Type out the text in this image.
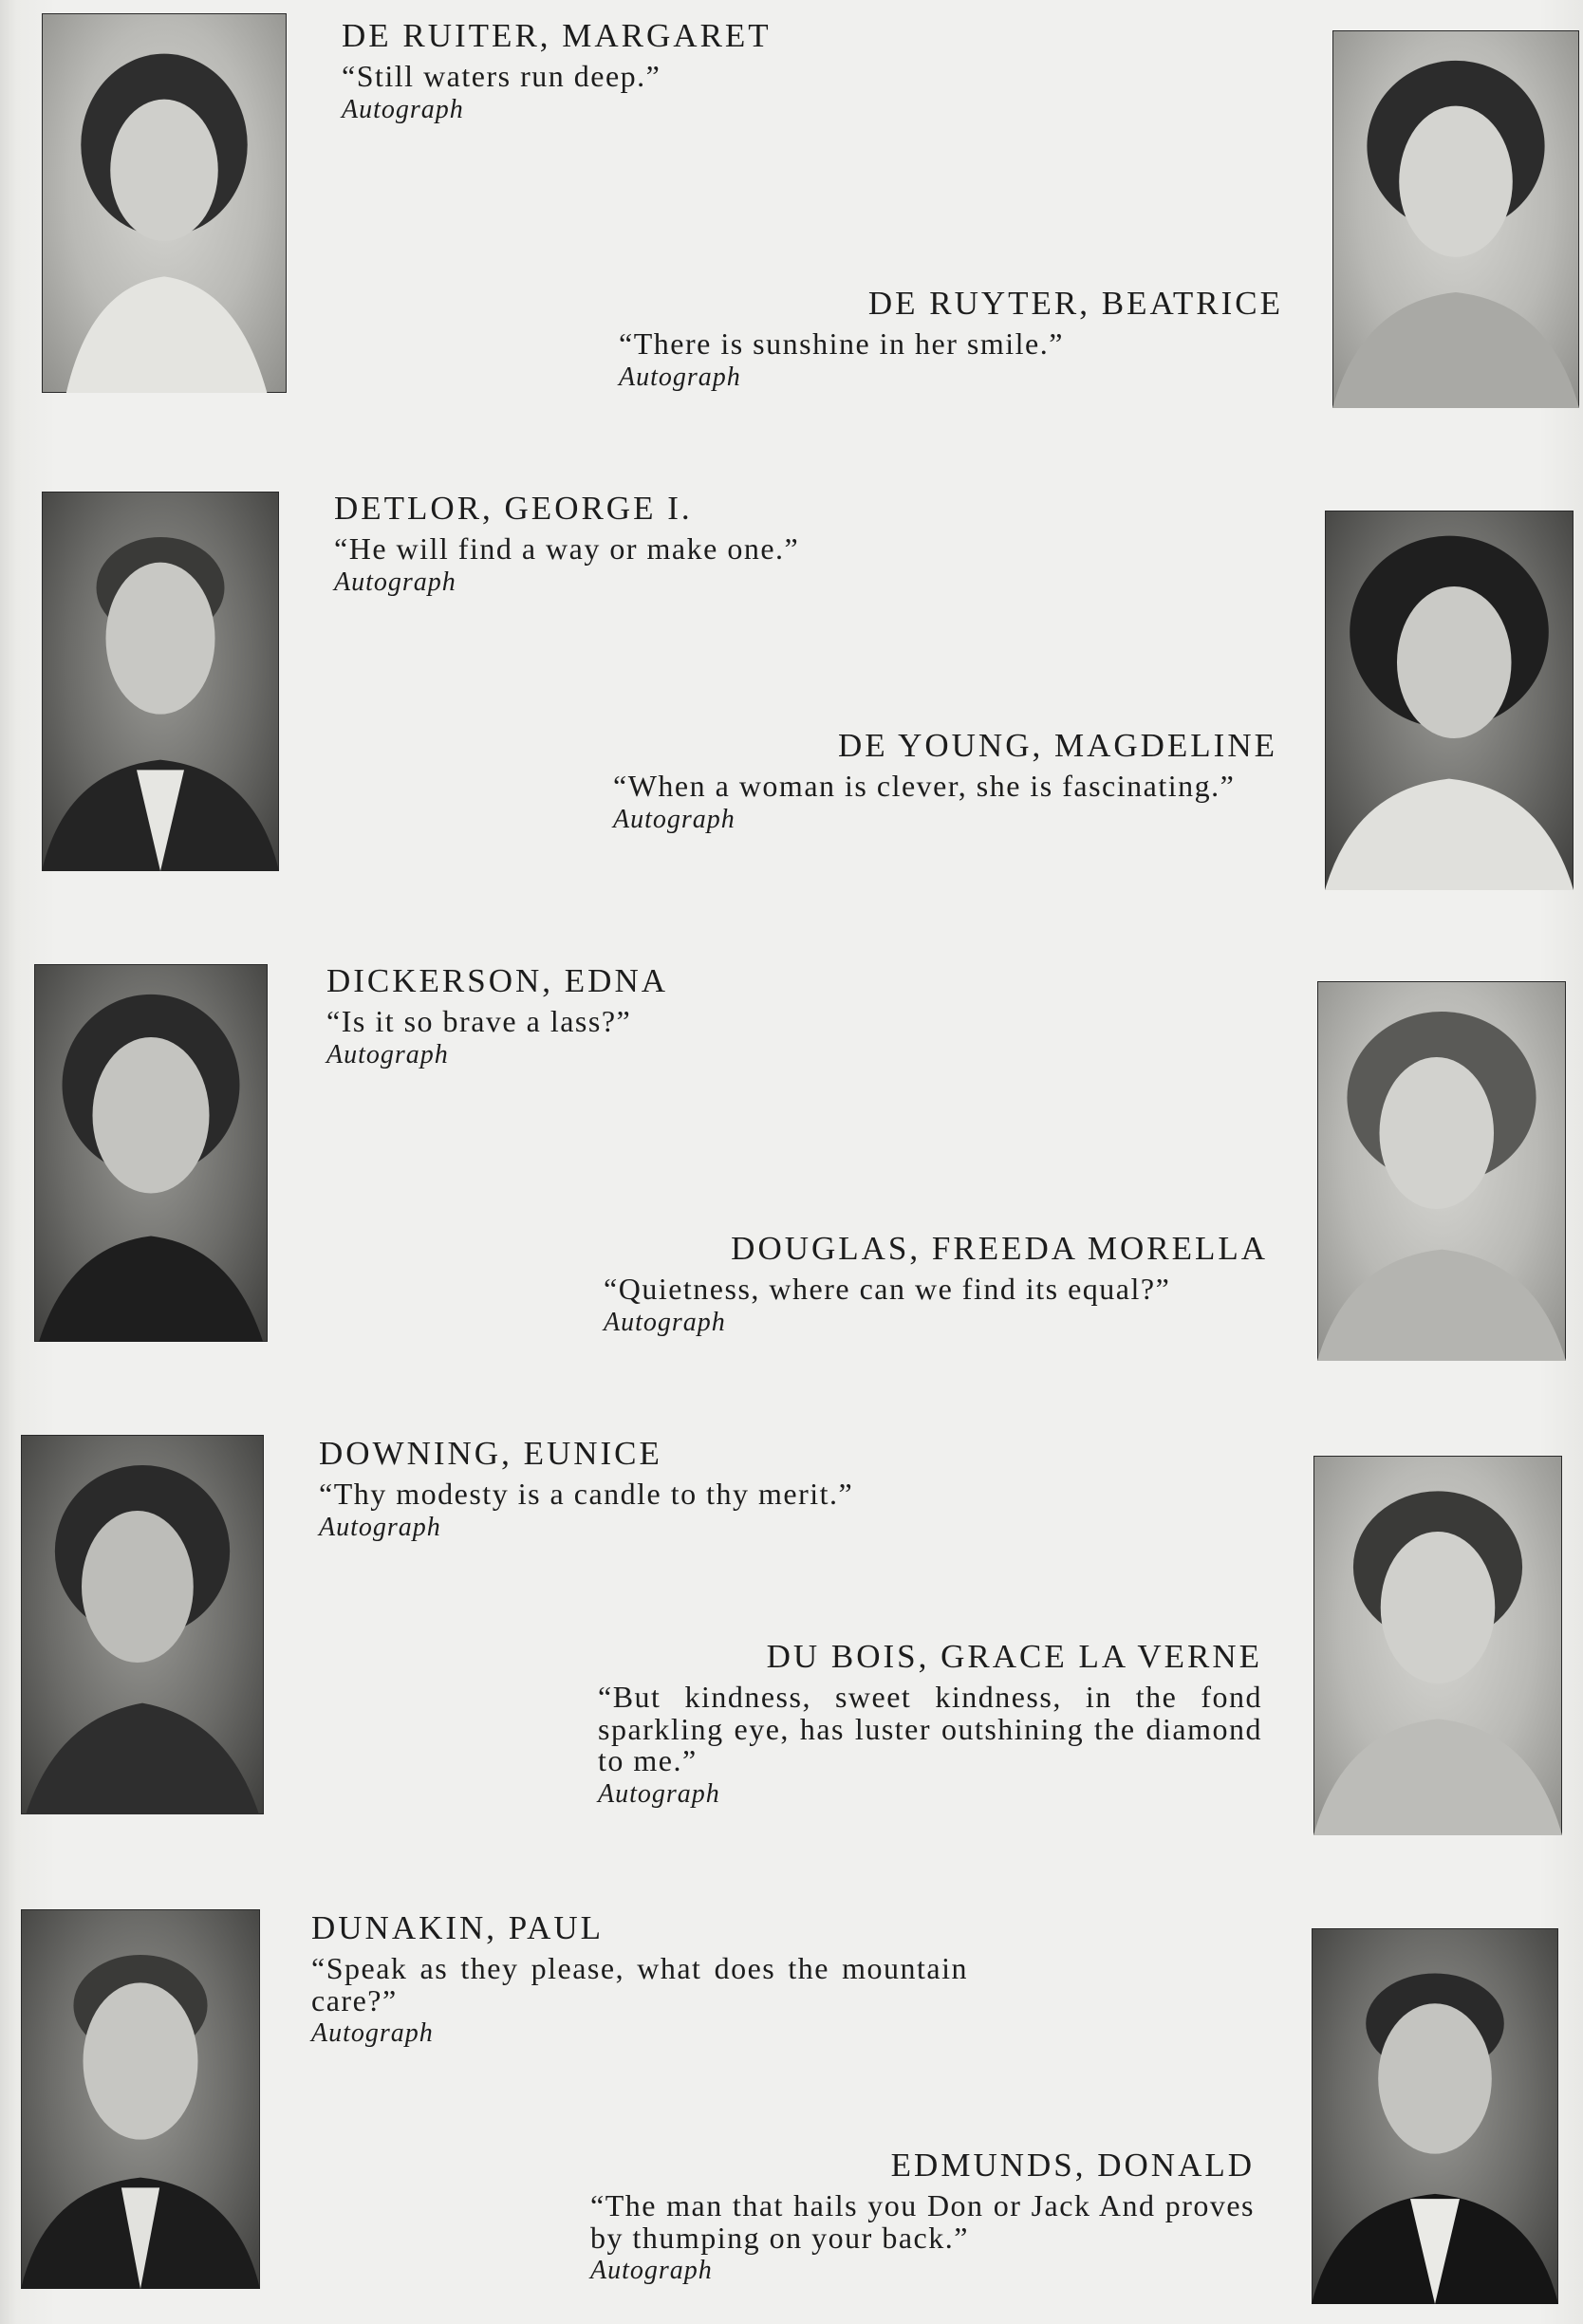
DE RUITER, MARGARET
“Still waters run deep.”
Autograph
DE RUYTER, BEATRICE
“There is sunshine in her smile.”
Autograph
DETLOR, GEORGE I.
“He will find a way or make one.”
Autograph
DE YOUNG, MAGDELINE
“When a woman is clever, she is fascinating.”
Autograph
DICKERSON, EDNA
“Is it so brave a lass?”
Autograph
DOUGLAS, FREEDA MORELLA
“Quietness, where can we find its equal?”
Autograph
DOWNING, EUNICE
“Thy modesty is a candle to thy merit.”
Autograph
DU BOIS, GRACE LA VERNE
“But kindness, sweet kindness, in the fond sparkling eye, has luster outshining the diamond to me.”
Autograph
DUNAKIN, PAUL
“Speak as they please, what does the mountain care?”
Autograph
EDMUNDS, DONALD
“The man that hails you Don or Jack And proves by thumping on your back.”
Autograph
